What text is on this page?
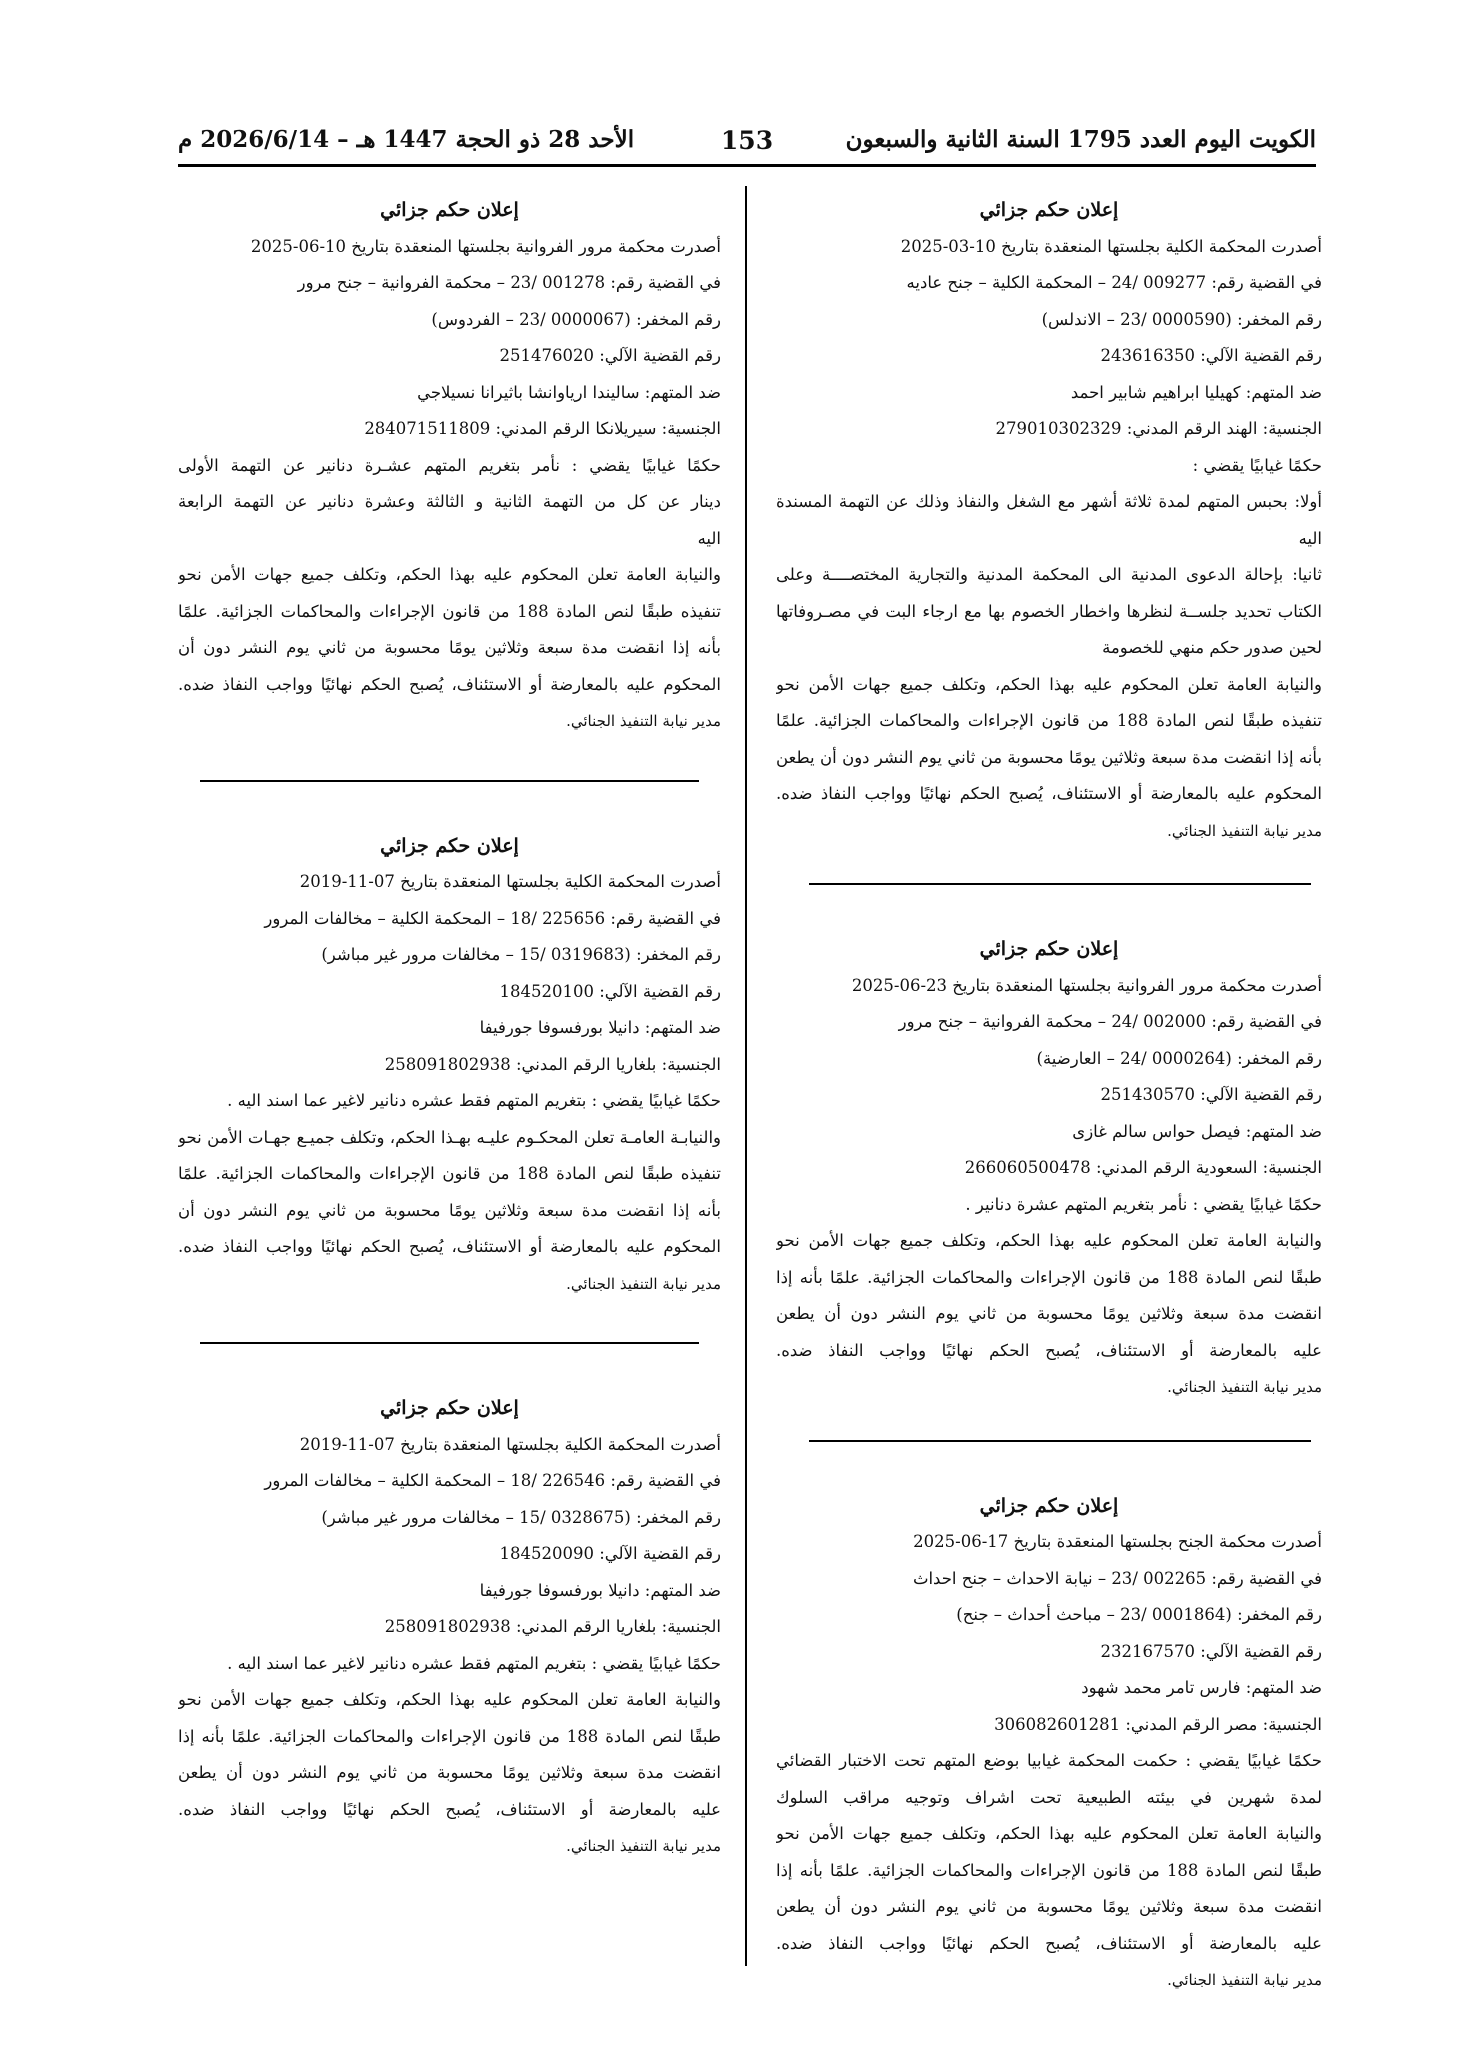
الكويت اليوم العدد 1795 السنة الثانية والسبعون
153
الأحد 28 ذو الحجة 1447 هـ – 2026/6/14 م
إعلان حكم جزائي
أصدرت المحكمة الكلية بجلستها المنعقدة بتاريخ 10-03-2025
في القضية رقم: 009277 /24 – المحكمة الكلية – جنح عاديه
رقم المخفر: (0000590 /23 – الاندلس)
رقم القضية الآلي: 243616350
ضد المتهم: كهيليا ابراهيم شابير احمد
الجنسية: الهند الرقم المدني: 279010302329
حكمًا غيابيًا يقضي :
أولا: بحبس المتهم لمدة ثلاثة أشهر مع الشغل والنفاذ وذلك عن التهمة المسندة
اليه
ثانيا: بإحالة الدعوى المدنية الى المحكمة المدنية والتجارية المختصــــة وعلى
الكتاب تحديد جلســة لنظرها واخطار الخصوم بها مع ارجاء البت في مصـروفاتها
لحين صدور حكم منهي للخصومة
والنيابة العامة تعلن المحكوم عليه بهذا الحكم، وتكلف جميع جهات الأمن نحو
تنفيذه طبقًا لنص المادة 188 من قانون الإجراءات والمحاكمات الجزائية. علمًا
بأنه إذا انقضت مدة سبعة وثلاثين يومًا محسوبة من ثاني يوم النشر دون أن يطعن
المحكوم عليه بالمعارضة أو الاستئناف، يُصبح الحكم نهائيًا وواجب النفاذ ضده.
مدير نيابة التنفيذ الجنائي.
إعلان حكم جزائي
أصدرت محكمة مرور الفروانية بجلستها المنعقدة بتاريخ 23-06-2025
في القضية رقم: 002000 /24 – محكمة الفروانية – جنح مرور
رقم المخفر: (0000264 /24 – العارضية)
رقم القضية الآلي: 251430570
ضد المتهم: فيصل حواس سالم غازى
الجنسية: السعودية الرقم المدني: 266060500478
حكمًا غيابيًا يقضي : نأمر بتغريم المتهم عشرة دنانير .
والنيابة العامة تعلن المحكوم عليه بهذا الحكم، وتكلف جميع جهات الأمن نحو
طبقًا لنص المادة 188 من قانون الإجراءات والمحاكمات الجزائية. علمًا بأنه إذا
انقضت مدة سبعة وثلاثين يومًا محسوبة من ثاني يوم النشر دون أن يطعن
عليه بالمعارضة أو الاستئناف، يُصبح الحكم نهائيًا وواجب النفاذ ضده.
مدير نيابة التنفيذ الجنائي.
إعلان حكم جزائي
أصدرت محكمة الجنح بجلستها المنعقدة بتاريخ 17-06-2025
في القضية رقم: 002265 /23 – نيابة الاحداث – جنح احداث
رقم المخفر: (0001864 /23 – مباحث أحداث – جنح)
رقم القضية الآلي: 232167570
ضد المتهم: فارس تامر محمد شهود
الجنسية: مصر الرقم المدني: 306082601281
حكمًا غيابيًا يقضي : حكمت المحكمة غيابيا بوضع المتهم تحت الاختبار القضائي
لمدة شهرين في بيئته الطبيعية تحت اشراف وتوجيه مراقب السلوك
والنيابة العامة تعلن المحكوم عليه بهذا الحكم، وتكلف جميع جهات الأمن نحو
طبقًا لنص المادة 188 من قانون الإجراءات والمحاكمات الجزائية. علمًا بأنه إذا
انقضت مدة سبعة وثلاثين يومًا محسوبة من ثاني يوم النشر دون أن يطعن
عليه بالمعارضة أو الاستئناف، يُصبح الحكم نهائيًا وواجب النفاذ ضده.
مدير نيابة التنفيذ الجنائي.
إعلان حكم جزائي
أصدرت محكمة مرور الفروانية بجلستها المنعقدة بتاريخ 10-06-2025
في القضية رقم: 001278 /23 – محكمة الفروانية – جنح مرور
رقم المخفر: (0000067 /23 – الفردوس)
رقم القضية الآلي: 251476020
ضد المتهم: ساليندا ارياوانشا باثيرانا نسيلاجي
الجنسية: سيريلانكا الرقم المدني: 284071511809
حكمًا غيابيًا يقضي : نأمر بتغريم المتهم عشـرة دنانير عن التهمة الأولى
دينار عن كل من التهمة الثانية و الثالثة وعشرة دنانير عن التهمة الرابعة
اليه
والنيابة العامة تعلن المحكوم عليه بهذا الحكم، وتكلف جميع جهات الأمن نحو
تنفيذه طبقًا لنص المادة 188 من قانون الإجراءات والمحاكمات الجزائية. علمًا
بأنه إذا انقضت مدة سبعة وثلاثين يومًا محسوبة من ثاني يوم النشر دون أن
المحكوم عليه بالمعارضة أو الاستئناف، يُصبح الحكم نهائيًا وواجب النفاذ ضده.
مدير نيابة التنفيذ الجنائي.
إعلان حكم جزائي
أصدرت المحكمة الكلية بجلستها المنعقدة بتاريخ 07-11-2019
في القضية رقم: 225656 /18 – المحكمة الكلية – مخالفات المرور
رقم المخفر: (0319683 /15 – مخالفات مرور غير مباشر)
رقم القضية الآلي: 184520100
ضد المتهم: دانيلا بورفسوفا جورفيفا
الجنسية: بلغاريا الرقم المدني: 258091802938
حكمًا غيابيًا يقضي : بتغريم المتهم فقط عشره دنانير لاغير عما اسند اليه .
والنيابـة العامـة تعلن المحكـوم عليـه بهـذا الحكم، وتكلف جميـع جهـات الأمن نحو
تنفيذه طبقًا لنص المادة 188 من قانون الإجراءات والمحاكمات الجزائية. علمًا
بأنه إذا انقضت مدة سبعة وثلاثين يومًا محسوبة من ثاني يوم النشر دون أن
المحكوم عليه بالمعارضة أو الاستئناف، يُصبح الحكم نهائيًا وواجب النفاذ ضده.
مدير نيابة التنفيذ الجنائي.
إعلان حكم جزائي
أصدرت المحكمة الكلية بجلستها المنعقدة بتاريخ 07-11-2019
في القضية رقم: 226546 /18 – المحكمة الكلية – مخالفات المرور
رقم المخفر: (0328675 /15 – مخالفات مرور غير مباشر)
رقم القضية الآلي: 184520090
ضد المتهم: دانيلا بورفسوفا جورفيفا
الجنسية: بلغاريا الرقم المدني: 258091802938
حكمًا غيابيًا يقضي : بتغريم المتهم فقط عشره دنانير لاغير عما اسند اليه .
والنيابة العامة تعلن المحكوم عليه بهذا الحكم، وتكلف جميع جهات الأمن نحو
طبقًا لنص المادة 188 من قانون الإجراءات والمحاكمات الجزائية. علمًا بأنه إذا
انقضت مدة سبعة وثلاثين يومًا محسوبة من ثاني يوم النشر دون أن يطعن
عليه بالمعارضة أو الاستئناف، يُصبح الحكم نهائيًا وواجب النفاذ ضده.
مدير نيابة التنفيذ الجنائي.
